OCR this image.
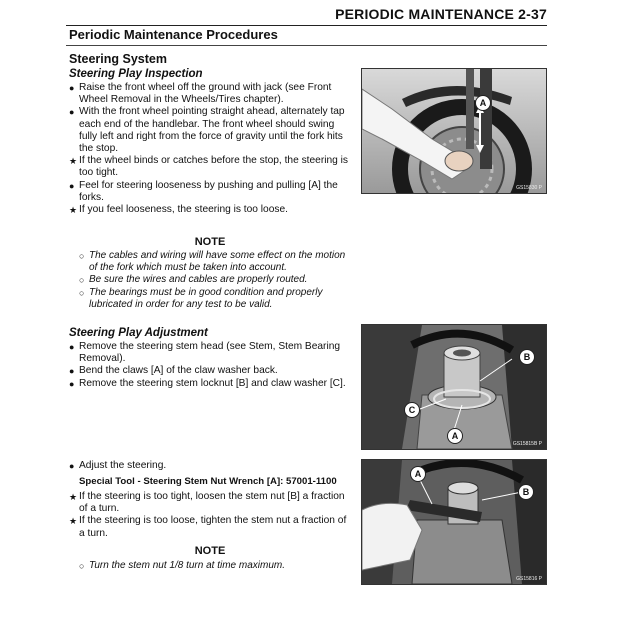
PERIODIC MAINTENANCE 2-37
Periodic Maintenance Procedures
Steering System
Steering Play Inspection
● Raise the front wheel off the ground with jack (see Front Wheel Removal in the Wheels/Tires chapter).
● With the front wheel pointing straight ahead, alternately tap each end of the handlebar. The front wheel should swing fully left and right from the force of gravity until the fork hits the stop.
★ If the wheel binds or catches before the stop, the steering is too tight.
● Feel for steering looseness by pushing and pulling [A] the forks.
★ If you feel looseness, the steering is too loose.
NOTE
○ The cables and wiring will have some effect on the motion of the fork which must be taken into account.
○ Be sure the wires and cables are properly routed.
○ The bearings must be in good condition and properly lubricated in order for any test to be valid.
Steering Play Adjustment
● Remove the steering stem head (see Stem, Stem Bearing Removal).
● Bend the claws [A] of the claw washer back.
● Remove the steering stem locknut [B] and claw washer [C].
● Adjust the steering.
Special Tool - Steering Stem Nut Wrench [A]: 57001-1100
★ If the steering is too tight, loosen the stem nut [B] a fraction of a turn.
★ If the steering is too loose, tighten the stem nut a fraction of a turn.
NOTE
○ Turn the stem nut 1/8 turn at time maximum.
A
GS15830 P
B
C
A
GS15815B P
A
B
GS15816 P
